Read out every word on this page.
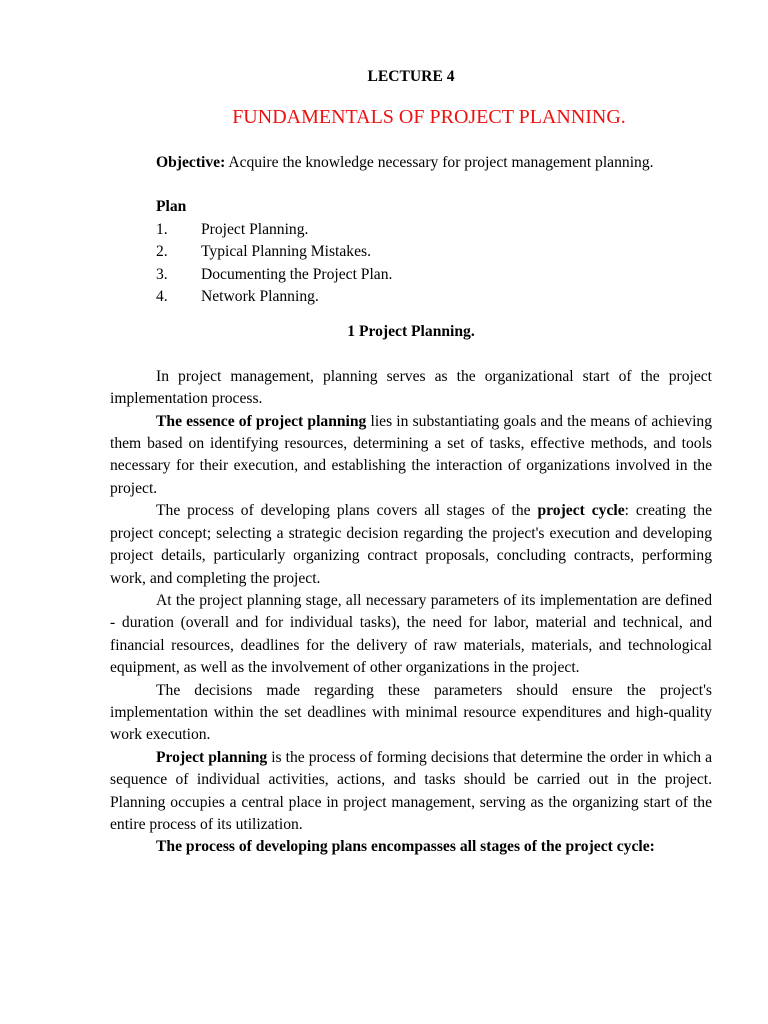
LECTURE 4
FUNDAMENTALS OF PROJECT PLANNING.

Objective: Acquire the knowledge necessary for project management planning.

Plan
1.	Project Planning.
2.	Typical Planning Mistakes.
3.	Documenting the Project Plan.
4.	Network Planning.
1 Project Planning.

In project management, planning serves as the organizational start of the project implementation process.

The essence of project planning lies in substantiating goals and the means of achieving them based on identifying resources, determining a set of tasks, effective methods, and tools necessary for their execution, and establishing the interaction of organizations involved in the project.

The process of developing plans covers all stages of the project cycle: creating the project concept; selecting a strategic decision regarding the project's execution and developing project details, particularly organizing contract proposals, concluding contracts, performing work, and completing the project.

At the project planning stage, all necessary parameters of its implementation are defined - duration (overall and for individual tasks), the need for labor, material and technical, and financial resources, deadlines for the delivery of raw materials, materials, and technological equipment, as well as the involvement of other organizations in the project.

The decisions made regarding these parameters should ensure the project's implementation within the set deadlines with minimal resource expenditures and high-quality work execution.

Project planning is the process of forming decisions that determine the order in which a sequence of individual activities, actions, and tasks should be carried out in the project. Planning occupies a central place in project management, serving as the organizing start of the entire process of its utilization.

The process of developing plans encompasses all stages of the project cycle:
